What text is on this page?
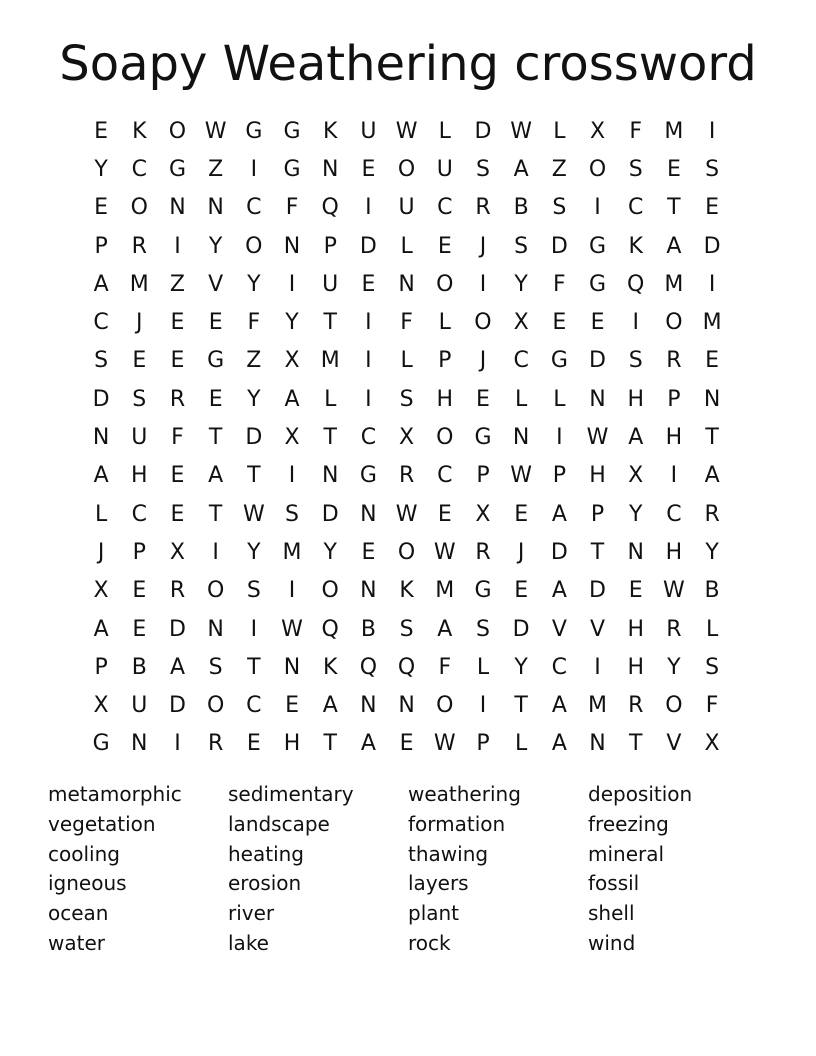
Soapy Weathering crossword
E	K	O W G G	K	U W L	D W L	X	F	M	I
Y	C G	Z	I	G N	E	O U	S	A	Z O	S	E	S
E	O N N	C	F	Q	I	U	C	R	B	S	I	C	T	E
P	R	I	Y	O N	P	D	L	E	J	S	D G	K	A	D
A M Z	V	Y	I	U	E	N O	I	Y	F	G Q M	I
C	J	E	E	F	Y	T	I	F	L	O X	E	E	I	O M
S	E	E	G	Z	X M	I	L	P	J	C G D	S	R	E
D	S	R	E	Y	A	L	I	S	H	E	L	L	N H	P	N
N U	F	T	D	X	T	C	X O G N	I	W A	H	T
A	H	E	A	T	I	N G	R	C	P W P	H	X	I	A
L	C	E	T W S	D N W E	X	E	A	P	Y	C	R
J	P	X	I	Y M Y	E	O W R	J	D	T	N H	Y
X	E	R O	S	I	O N	K M G	E	A	D	E W B
A	E	D N	I	W Q B	S	A	S	D	V	V	H	R	L
P	B	A	S	T	N	K	Q Q	F	L	Y	C	I	H	Y	S
X	U D O C	E	A	N N O	I	T	A M R O	F
G N	I	R	E	H	T	A	E W P	L	A	N	T	V	X
metamorphic	sedimentary	weathering	deposition
vegetation	landscape	formation	freezing
cooling	heating	thawing	mineral
igneous	erosion	layers	fossil
ocean	river	plant	shell
water	lake	rock	wind
